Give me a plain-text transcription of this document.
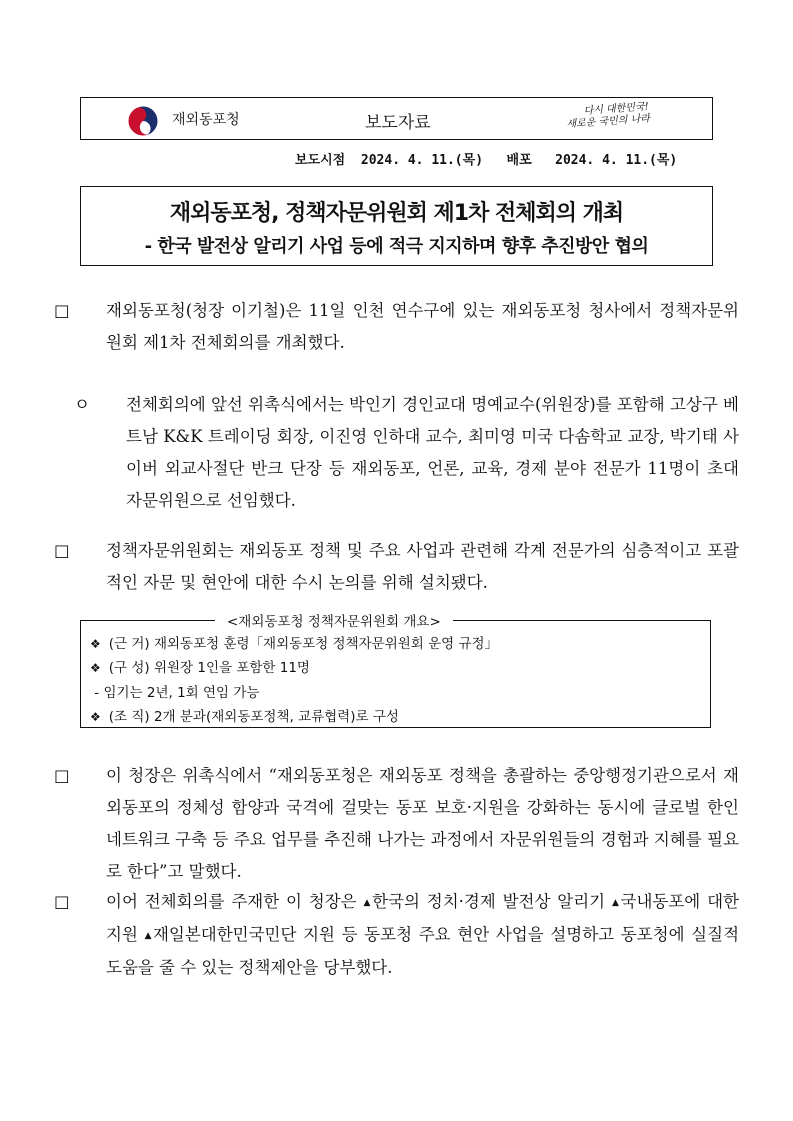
재외동포청	보도자료
다시 대한민국!
새로운 국민의 나라
보도시점 2024. 4. 11.(목) 배포 2024. 4. 11.(목)
재외동포청, 정책자문위원회 제1차 전체회의 개최
- 한국 발전상 알리기 사업 등에 적극 지지하며 향후 추진방안 협의
□ 재외동포청(청장 이기철)은 11일 인천 연수구에 있는 재외동포청 청사에서 정책자문위원회 제1차 전체회의를 개최했다.
ㅇ 전체회의에 앞선 위촉식에서는 박인기 경인교대 명예교수(위원장)를 포함해 고상구 베트남 K&K 트레이딩 회장, 이진영 인하대 교수, 최미영 미국 다솜학교 교장, 박기태 사이버 외교사절단 반크 단장 등 재외동포, 언론, 교육, 경제 분야 전문가 11명이 초대 자문위원으로 선임했다.
□ 정책자문위원회는 재외동포 정책 및 주요 사업과 관련해 각계 전문가의 심층적이고 포괄적인 자문 및 현안에 대한 수시 논의를 위해 설치됐다.
<재외동포청 정책자문위원회 개요>
❖ (근 거) 재외동포청 훈령「재외동포청 정책자문위원회 운영 규정」
❖ (구 성) 위원장 1인을 포함한 11명
- 임기는 2년, 1회 연임 가능
❖ (조 직) 2개 분과(재외동포정책, 교류협력)로 구성
□ 이 청장은 위촉식에서 “재외동포청은 재외동포 정책을 총괄하는 중앙행정기관으로서 재외동포의 정체성 함양과 국격에 걸맞는 동포 보호·지원을 강화하는 동시에 글로벌 한인 네트워크 구축 등 주요 업무를 추진해 나가는 과정에서 자문위원들의 경험과 지혜를 필요로 한다”고 말했다.
□ 이어 전체회의를 주재한 이 청장은 ▲한국의 정치·경제 발전상 알리기 ▲국내동포에 대한 지원 ▲재일본대한민국민단 지원 등 동포청 주요 현안 사업을 설명하고 동포청에 실질적 도움을 줄 수 있는 정책제안을 당부했다.
